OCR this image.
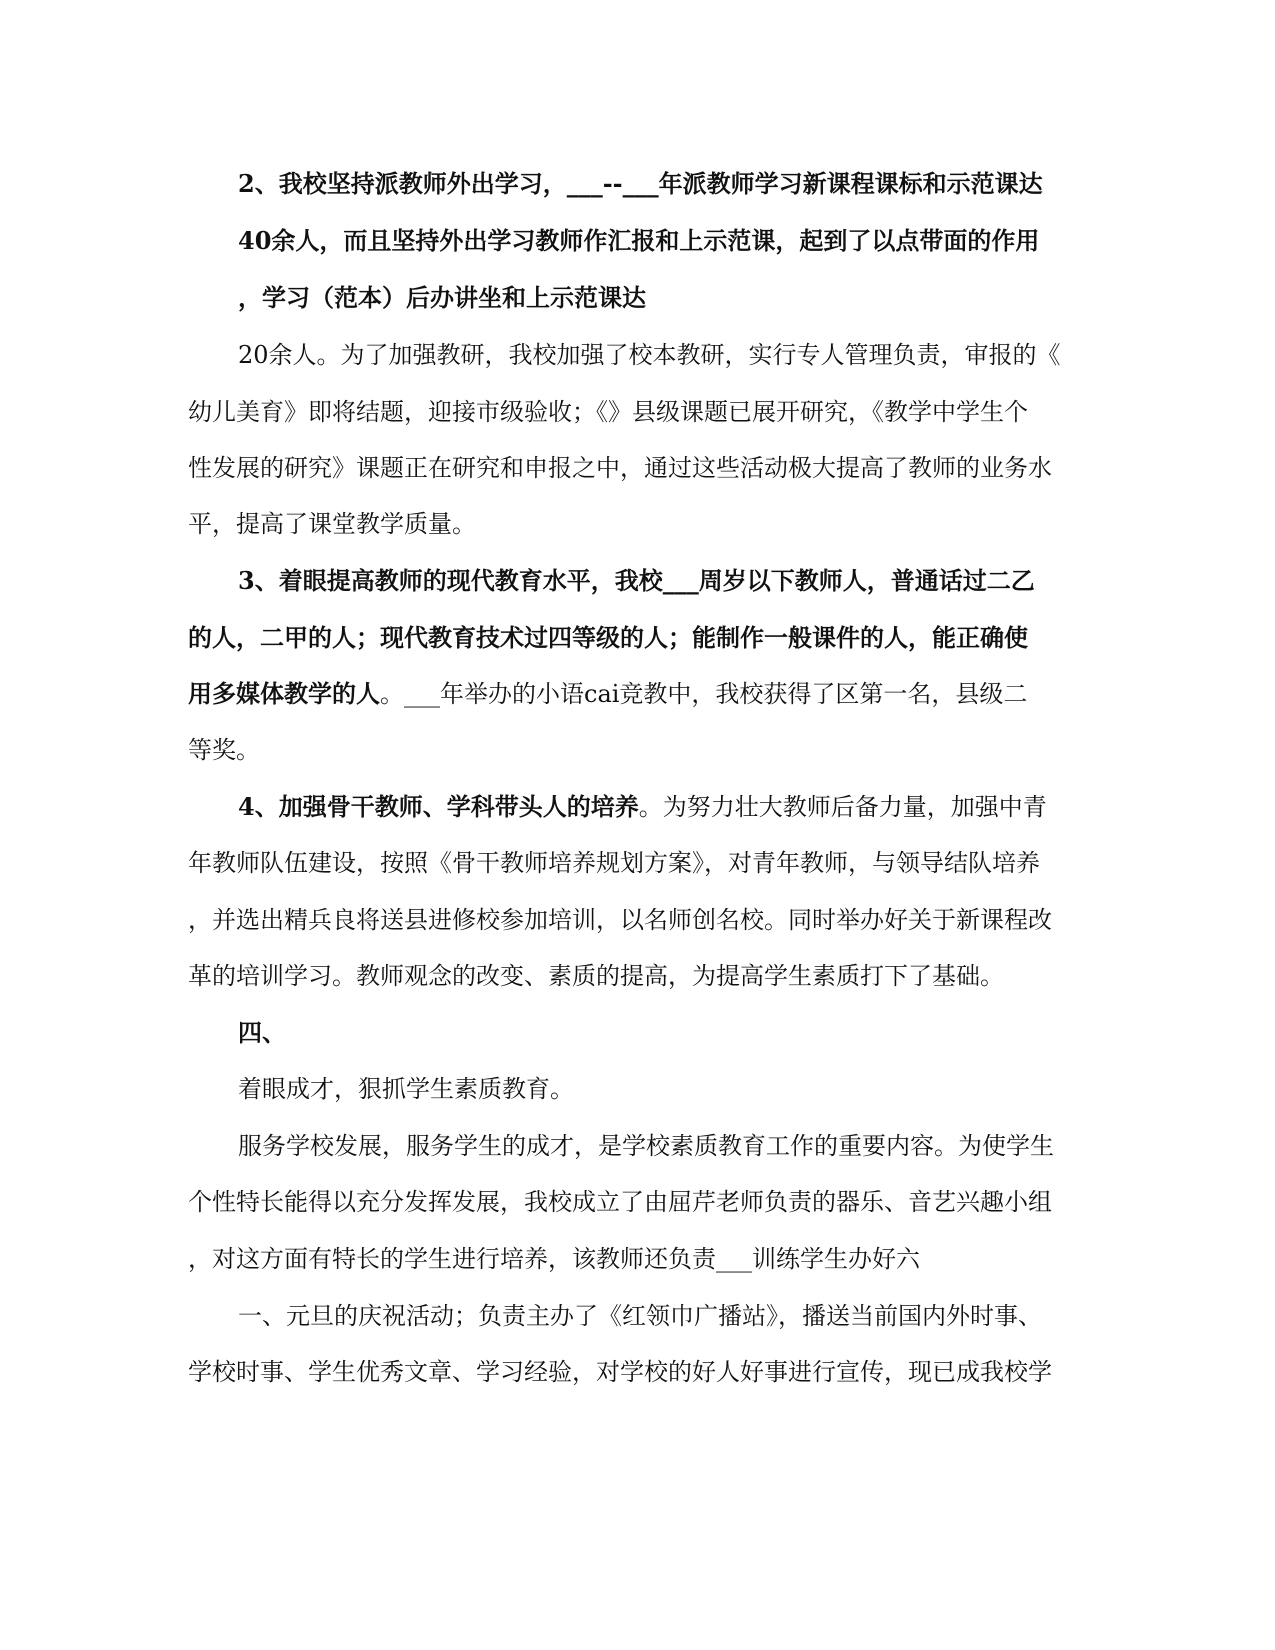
2、我校坚持派教师外出学习，___--___年派教师学习新课程课标和示范课达
40余人，而且坚持外出学习教师作汇报和上示范课，起到了以点带面的作用
，学习（范本）后办讲坐和上示范课达
20余人。为了加强教研，我校加强了校本教研，实行专人管理负责，审报的《
幼儿美育》即将结题，迎接市级验收；《》县级课题已展开研究，《教学中学生个
性发展的研究》课题正在研究和申报之中，通过这些活动极大提高了教师的业务水
平，提高了课堂教学质量。
3、着眼提高教师的现代教育水平，我校___周岁以下教师人，普通话过二乙
的人，二甲的人；现代教育技术过四等级的人；能制作一般课件的人，能正确使
用多媒体教学的人。___年举办的小语cai竞教中，我校获得了区第一名，县级二
等奖。
4、加强骨干教师、学科带头人的培养。为努力壮大教师后备力量，加强中青
年教师队伍建设，按照《骨干教师培养规划方案》，对青年教师，与领导结队培养
，并选出精兵良将送县进修校参加培训，以名师创名校。同时举办好关于新课程改
革的培训学习。教师观念的改变、素质的提高，为提高学生素质打下了基础。
四、
着眼成才，狠抓学生素质教育。
服务学校发展，服务学生的成才，是学校素质教育工作的重要内容。为使学生
个性特长能得以充分发挥发展，我校成立了由屈芹老师负责的器乐、音艺兴趣小组
，对这方面有特长的学生进行培养，该教师还负责___训练学生办好六
一、元旦的庆祝活动；负责主办了《红领巾广播站》，播送当前国内外时事、
学校时事、学生优秀文章、学习经验，对学校的好人好事进行宣传，现已成我校学
